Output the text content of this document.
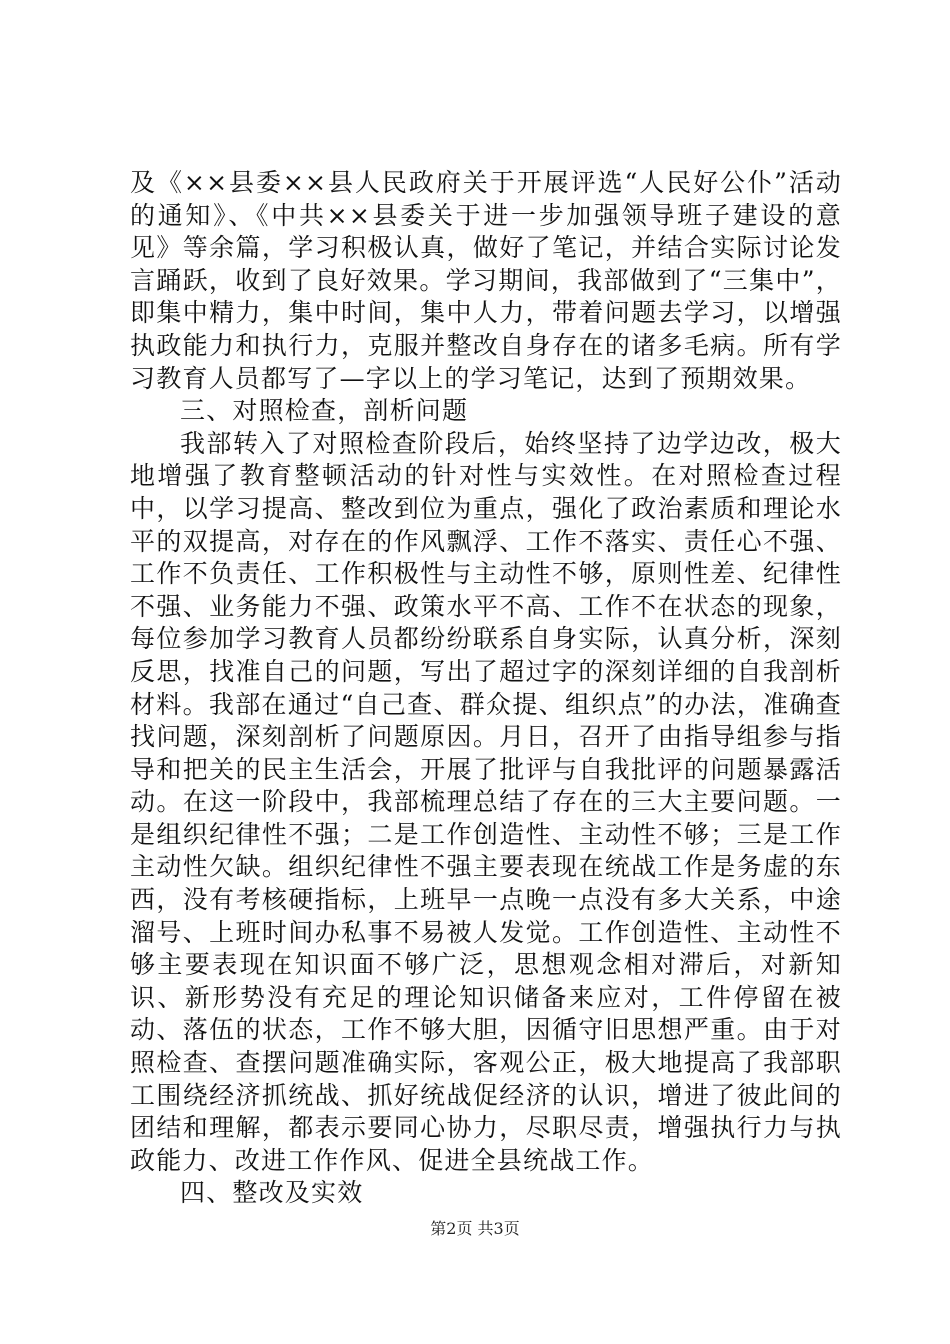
及《××县委××县人民政府关于开展评选“人民好公仆”活动的通知》、《中共××县委关于进一步加强领导班子建设的意见》等余篇，学习积极认真，做好了笔记，并结合实际讨论发言踊跃，收到了良好效果。学习期间，我部做到了“三集中”，即集中精力，集中时间，集中人力，带着问题去学习，以增强执政能力和执行力，克服并整改自身存在的诸多毛病。所有学习教育人员都写了—字以上的学习笔记，达到了预期效果。

三、对照检查，剖析问题

我部转入了对照检查阶段后，始终坚持了边学边改，极大地增强了教育整顿活动的针对性与实效性。在对照检查过程中，以学习提高、整改到位为重点，强化了政治素质和理论水平的双提高，对存在的作风飘浮、工作不落实、责任心不强、工作不负责任、工作积极性与主动性不够，原则性差、纪律性不强、业务能力不强、政策水平不高、工作不在状态的现象，每位参加学习教育人员都纷纷联系自身实际，认真分析，深刻反思，找准自己的问题，写出了超过字的深刻详细的自我剖析材料。我部在通过“自己查、群众提、组织点”的办法，准确查找问题，深刻剖析了问题原因。月日，召开了由指导组参与指导和把关的民主生活会，开展了批评与自我批评的问题暴露活动。在这一阶段中，我部梳理总结了存在的三大主要问题。一是组织纪律性不强；二是工作创造性、主动性不够；三是工作主动性欠缺。组织纪律性不强主要表现在统战工作是务虚的东西，没有考核硬指标，上班早一点晚一点没有多大关系，中途溜号、上班时间办私事不易被人发觉。工作创造性、主动性不够主要表现在知识面不够广泛，思想观念相对滞后，对新知识、新形势没有充足的理论知识储备来应对，工件停留在被动、落伍的状态，工作不够大胆，因循守旧思想严重。由于对照检查、查摆问题准确实际，客观公正，极大地提高了我部职工围绕经济抓统战、抓好统战促经济的认识，增进了彼此间的团结和理解，都表示要同心协力，尽职尽责，增强执行力与执政能力、改进工作作风、促进全县统战工作。

四、整改及实效

第2页 共3页
